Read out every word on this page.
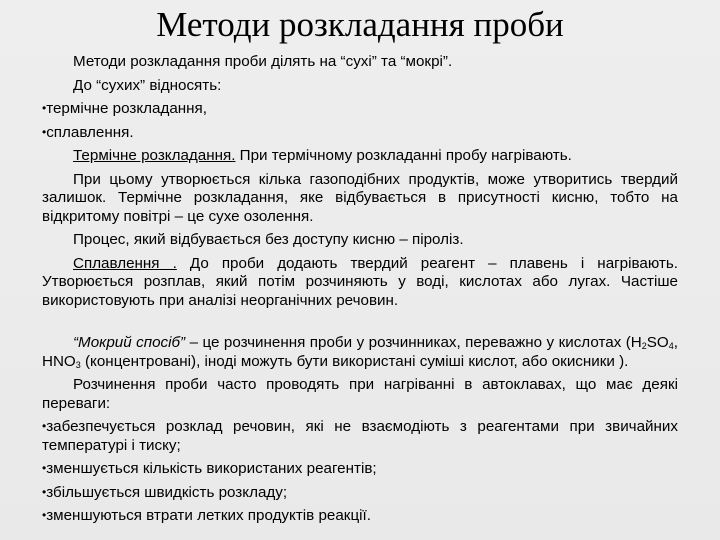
Методи розкладання проби

Методи розкладання проби ділять на “сухі” та “мокрі”.

До “сухих” відносять:

•термічне розкладання,

•сплавлення.

Термічне розкладання. При термічному розкладанні пробу нагрівають.

При цьому утворюється кілька газоподібних продуктів, може утворитись твердий залишок. Термічне розкладання, яке відбувається в присутності кисню, тобто на відкритому повітрі – це сухе озолення.

Процес, який відбувається без доступу кисню – піроліз.

Сплавлення . До проби додають твердий реагент – плавень і нагрівають. Утворюється розплав, який потім розчиняють у воді, кислотах або лугах. Частіше використовують при аналізі неорганічних речовин.

“Мокрий спосіб” – це розчинення проби у розчинниках, переважно у кислотах ($H_2SO_4$, $HNO_3$ (концентровані), іноді можуть бути використані суміші кислот, або окисники ).

Розчинення проби часто проводять при нагріванні в автоклавах, що має деякі переваги:

•забезпечується розклад речовин, які не взаємодіють з реагентами при звичайних температурі і тиску;

•зменшується кількість використаних реагентів;

•збільшується швидкість розкладу;

•зменшуються втрати летких продуктів реакції.
